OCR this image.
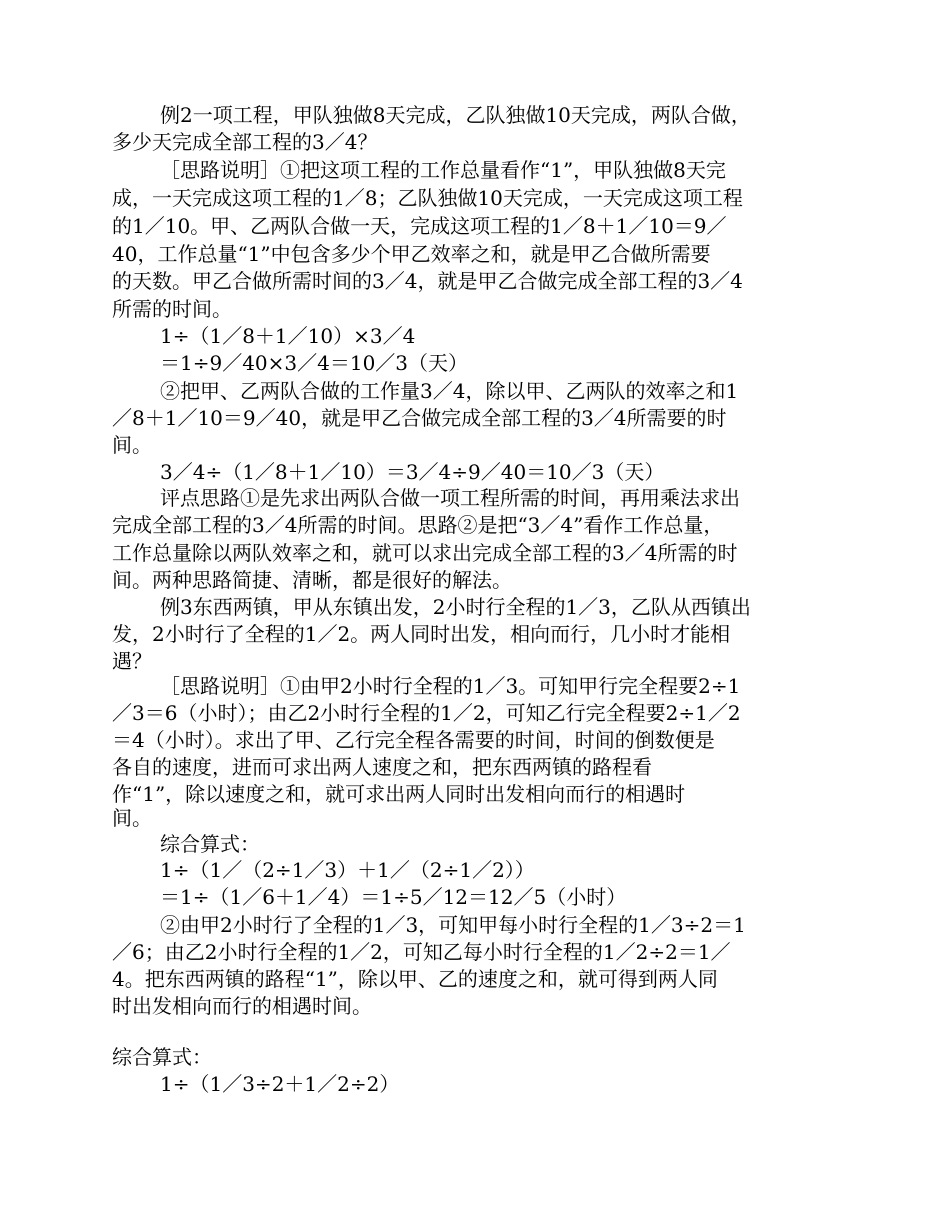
例2一项工程，甲队独做8天完成，乙队独做10天完成，两队合做，
多少天完成全部工程的3／4？
［思路说明］①把这项工程的工作总量看作“1”，甲队独做8天完
成，一天完成这项工程的1／8；乙队独做10天完成，一天完成这项工程
的1／10。甲、乙两队合做一天，完成这项工程的1／8＋1／10＝9／
40，工作总量“1”中包含多少个甲乙效率之和，就是甲乙合做所需要
的天数。甲乙合做所需时间的3／4，就是甲乙合做完成全部工程的3／4
所需的时间。
1÷（1／8＋1／10）×3／4
＝1÷9／40×3／4＝10／3（天）
②把甲、乙两队合做的工作量3／4，除以甲、乙两队的效率之和1
／8＋1／10＝9／40，就是甲乙合做完成全部工程的3／4所需要的时
间。
3／4÷（1／8＋1／10）＝3／4÷9／40＝10／3（天）
评点思路①是先求出两队合做一项工程所需的时间，再用乘法求出
完成全部工程的3／4所需的时间。思路②是把“3／4”看作工作总量，
工作总量除以两队效率之和，就可以求出完成全部工程的3／4所需的时
间。两种思路简捷、清晰，都是很好的解法。
例3东西两镇，甲从东镇出发，2小时行全程的1／3，乙队从西镇出
发，2小时行了全程的1／2。两人同时出发，相向而行，几小时才能相
遇？
［思路说明］①由甲2小时行全程的1／3。可知甲行完全程要2÷1
／3＝6（小时）；由乙2小时行全程的1／2，可知乙行完全程要2÷1／2
＝4（小时）。求出了甲、乙行完全程各需要的时间，时间的倒数便是
各自的速度，进而可求出两人速度之和，把东西两镇的路程看
作“1”，除以速度之和，就可求出两人同时出发相向而行的相遇时
间。
综合算式：
1÷（1／（2÷1／3）＋1／（2÷1／2））
＝1÷（1／6＋1／4）＝1÷5／12＝12／5（小时）
②由甲2小时行了全程的1／3，可知甲每小时行全程的1／3÷2＝1
／6；由乙2小时行全程的1／2，可知乙每小时行全程的1／2÷2＝1／
4。把东西两镇的路程“1”，除以甲、乙的速度之和，就可得到两人同
时出发相向而行的相遇时间。
综合算式：
1÷（1／3÷2＋1／2÷2）
